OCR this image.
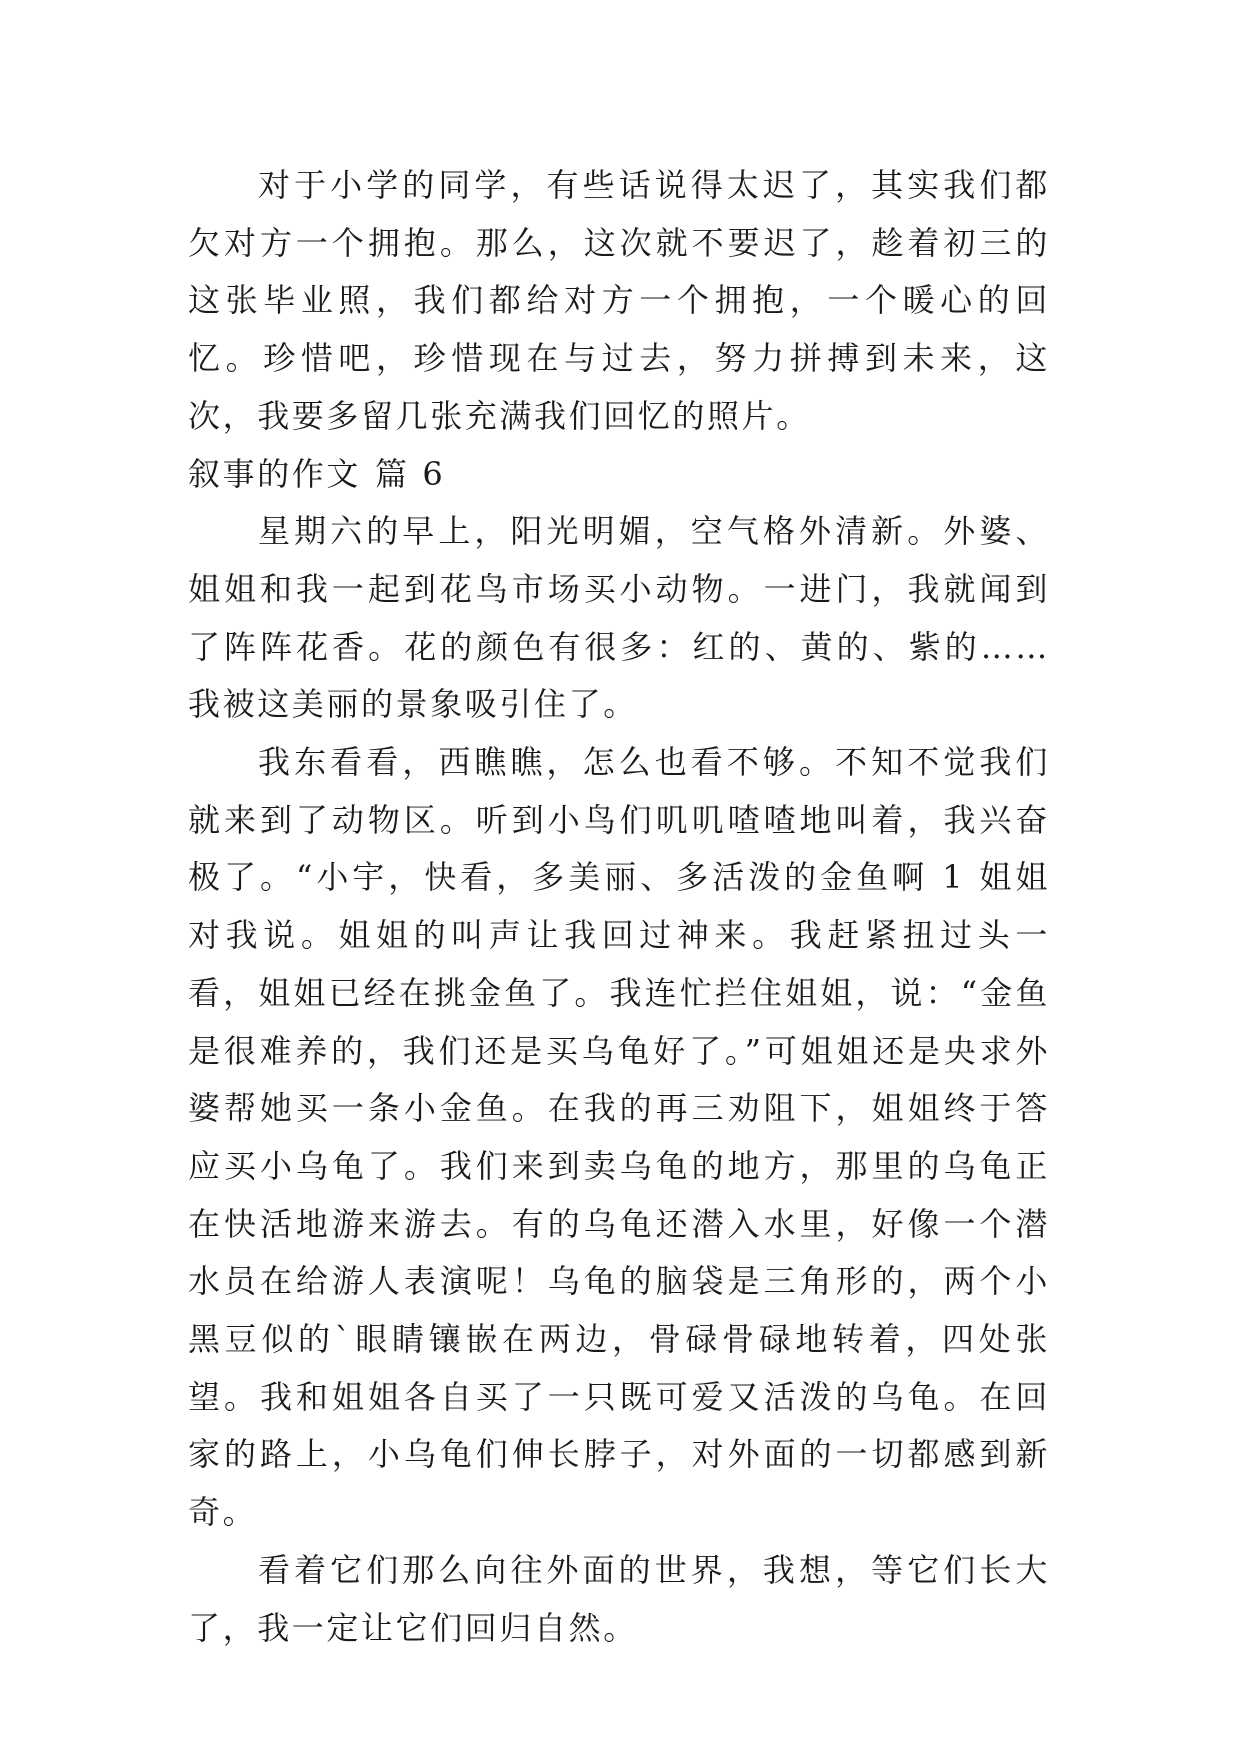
对于小学的同学，有些话说得太迟了，其实我们都欠对方一个拥抱。那么，这次就不要迟了，趁着初三的这张毕业照，我们都给对方一个拥抱，一个暖心的回忆。珍惜吧，珍惜现在与过去，努力拼搏到未来，这次，我要多留几张充满我们回忆的照片。

叙事的作文 篇 6

星期六的早上，阳光明媚，空气格外清新。外婆、姐姐和我一起到花鸟市场买小动物。一进门，我就闻到了阵阵花香。花的颜色有很多：红的、黄的、紫的……我被这美丽的景象吸引住了。

我东看看，西瞧瞧，怎么也看不够。不知不觉我们就来到了动物区。听到小鸟们叽叽喳喳地叫着，我兴奋极了。“小宇，快看，多美丽、多活泼的金鱼啊 1 姐姐对我说。姐姐的叫声让我回过神来。我赶紧扭过头一看，姐姐已经在挑金鱼了。我连忙拦住姐姐，说：“金鱼是很难养的，我们还是买乌龟好了。”可姐姐还是央求外婆帮她买一条小金鱼。在我的再三劝阻下，姐姐终于答应买小乌龟了。我们来到卖乌龟的地方，那里的乌龟正在快活地游来游去。有的乌龟还潜入水里，好像一个潜水员在给游人表演呢！乌龟的脑袋是三角形的，两个小黑豆似的`眼睛镶嵌在两边，骨碌骨碌地转着，四处张望。我和姐姐各自买了一只既可爱又活泼的乌龟。在回家的路上，小乌龟们伸长脖子，对外面的一切都感到新奇。

看着它们那么向往外面的世界，我想，等它们长大了，我一定让它们回归自然。
